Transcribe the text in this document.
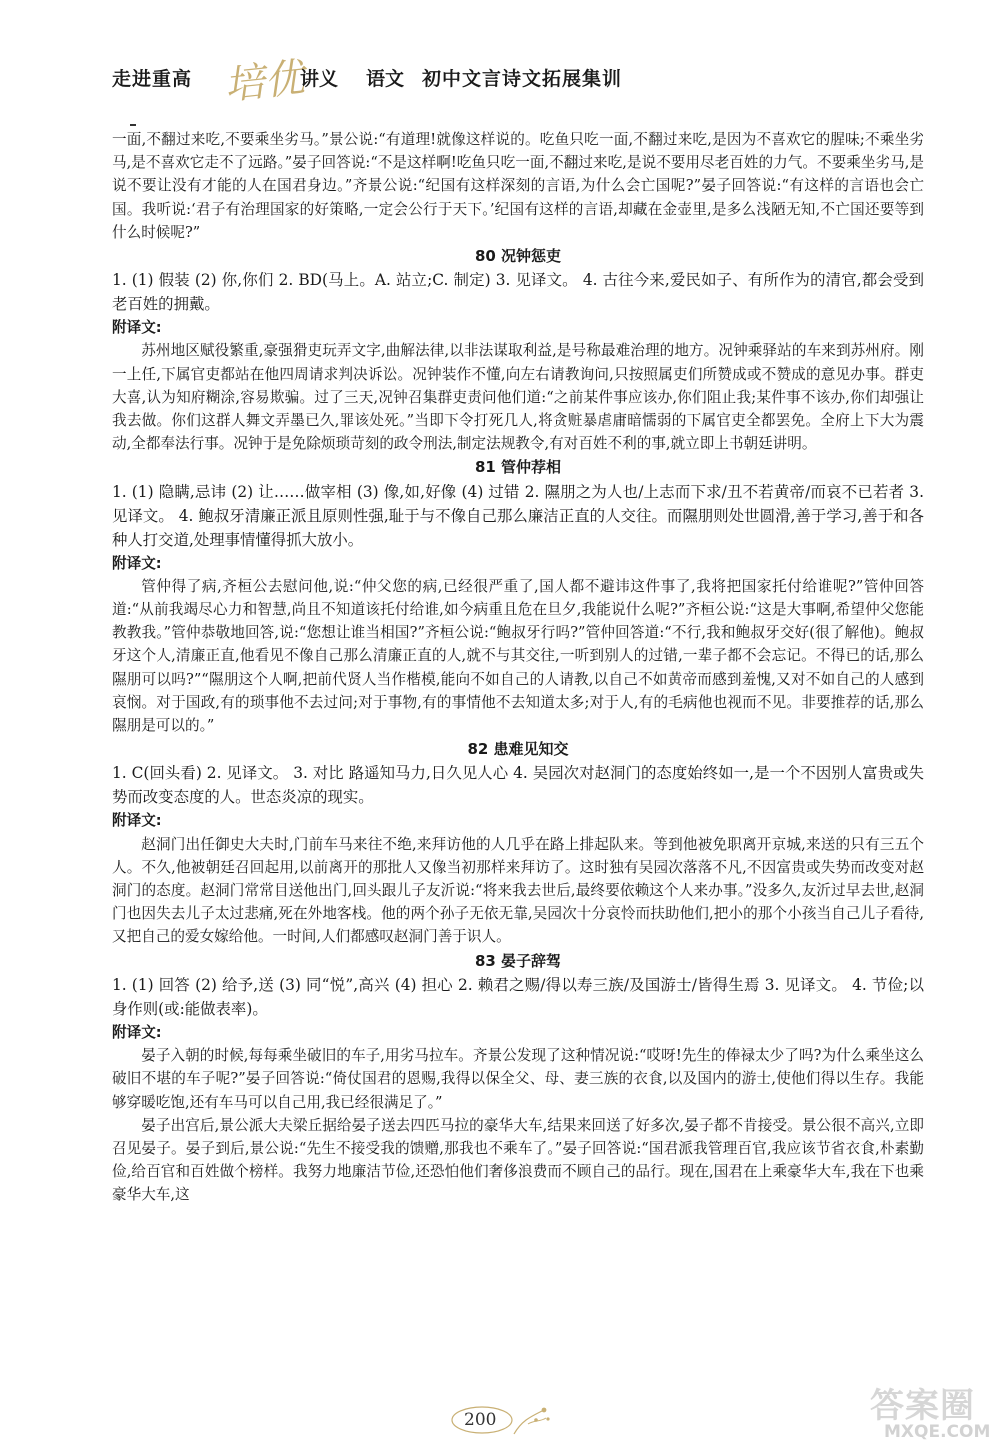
走进重高 培优
讲义 语文 初中文言诗文拓展集训

一面,不翻过来吃,不要乘坐劣马。”景公说:“有道理!就像这样说的。吃鱼只吃一面,不翻过来吃,是因为不喜欢它的腥味;不乘坐劣马,是不喜欢它走不了远路。”晏子回答说:“不是这样啊!吃鱼只吃一面,不翻过来吃,是说不要用尽老百姓的力气。不要乘坐劣马,是说不要让没有才能的人在国君身边。”齐景公说:“纪国有这样深刻的言语,为什么会亡国呢?”晏子回答说:“有这样的言语也会亡国。我听说:‘君子有治理国家的好策略,一定会公行于天下。’纪国有这样的言语,却藏在金壶里,是多么浅陋无知,不亡国还要等到什么时候呢?”

80 况钟惩吏

1. (1) 假装 (2) 你,你们 2. BD(马上。A. 站立;C. 制定) 3. 见译文。 4. 古往今来,爱民如子、有所作为的清官,都会受到老百姓的拥戴。

附译文:

苏州地区赋役繁重,豪强猾吏玩弄文字,曲解法律,以非法谋取利益,是号称最难治理的地方。况钟乘驿站的车来到苏州府。刚一上任,下属官吏都站在他四周请求判决诉讼。况钟装作不懂,向左右请教询问,只按照属吏们所赞成或不赞成的意见办事。群吏大喜,认为知府糊涂,容易欺骗。过了三天,况钟召集群吏责问他们道:“之前某件事应该办,你们阻止我;某件事不该办,你们却强让我去做。你们这群人舞文弄墨已久,罪该处死。”当即下令打死几人,将贪赃暴虐庸暗懦弱的下属官吏全都罢免。全府上下大为震动,全都奉法行事。况钟于是免除烦琐苛刻的政令刑法,制定法规教令,有对百姓不利的事,就立即上书朝廷讲明。

81 管仲荐相

1. (1) 隐瞒,忌讳 (2) 让……做宰相 (3) 像,如,好像 (4) 过错 2. 隰朋之为人也/上志而下求/丑不若黄帝/而哀不已若者 3. 见译文。 4. 鲍叔牙清廉正派且原则性强,耻于与不像自己那么廉洁正直的人交往。而隰朋则处世圆滑,善于学习,善于和各种人打交道,处理事情懂得抓大放小。

附译文:

管仲得了病,齐桓公去慰问他,说:“仲父您的病,已经很严重了,国人都不避讳这件事了,我将把国家托付给谁呢?”管仲回答道:“从前我竭尽心力和智慧,尚且不知道该托付给谁,如今病重且危在旦夕,我能说什么呢?”齐桓公说:“这是大事啊,希望仲父您能教教我。”管仲恭敬地回答,说:“您想让谁当相国?”齐桓公说:“鲍叔牙行吗?”管仲回答道:“不行,我和鲍叔牙交好(很了解他)。鲍叔牙这个人,清廉正直,他看见不像自己那么清廉正直的人,就不与其交往,一听到别人的过错,一辈子都不会忘记。不得已的话,那么隰朋可以吗?”“隰朋这个人啊,把前代贤人当作楷模,能向不如自己的人请教,以自己不如黄帝而感到羞愧,又对不如自己的人感到哀悯。对于国政,有的琐事他不去过问;对于事物,有的事情他不去知道太多;对于人,有的毛病他也视而不见。非要推荐的话,那么隰朋是可以的。”

82 患难见知交

1. C(回头看) 2. 见译文。 3. 对比 路遥知马力,日久见人心 4. 吴园次对赵洞门的态度始终如一,是一个不因别人富贵或失势而改变态度的人。世态炎凉的现实。

附译文:

赵洞门出任御史大夫时,门前车马来往不绝,来拜访他的人几乎在路上排起队来。等到他被免职离开京城,来送的只有三五个人。不久,他被朝廷召回起用,以前离开的那批人又像当初那样来拜访了。这时独有吴园次落落不凡,不因富贵或失势而改变对赵洞门的态度。赵洞门常常目送他出门,回头跟儿子友沂说:“将来我去世后,最终要依赖这个人来办事。”没多久,友沂过早去世,赵洞门也因失去儿子太过悲痛,死在外地客栈。他的两个孙子无依无靠,吴园次十分哀怜而扶助他们,把小的那个小孩当自己儿子看待,又把自己的爱女嫁给他。一时间,人们都感叹赵洞门善于识人。

83 晏子辞驾

1. (1) 回答 (2) 给予,送 (3) 同“悦”,高兴 (4) 担心 2. 赖君之赐/得以寿三族/及国游士/皆得生焉 3. 见译文。 4. 节俭;以身作则(或:能做表率)。

附译文:

晏子入朝的时候,每每乘坐破旧的车子,用劣马拉车。齐景公发现了这种情况说:“哎呀!先生的俸禄太少了吗?为什么乘坐这么破旧不堪的车子呢?”晏子回答说:“倚仗国君的恩赐,我得以保全父、母、妻三族的衣食,以及国内的游士,使他们得以生存。我能够穿暖吃饱,还有车马可以自己用,我已经很满足了。”

晏子出宫后,景公派大夫梁丘据给晏子送去四匹马拉的豪华大车,结果来回送了好多次,晏子都不肯接受。景公很不高兴,立即召见晏子。晏子到后,景公说:“先生不接受我的馈赠,那我也不乘车了。”晏子回答说:“国君派我管理百官,我应该节省衣食,朴素勤俭,给百官和百姓做个榜样。我努力地廉洁节俭,还恐怕他们奢侈浪费而不顾自己的品行。现在,国君在上乘豪华大车,我在下也乘豪华大车,这

200	答案圈
MXQE.COM
